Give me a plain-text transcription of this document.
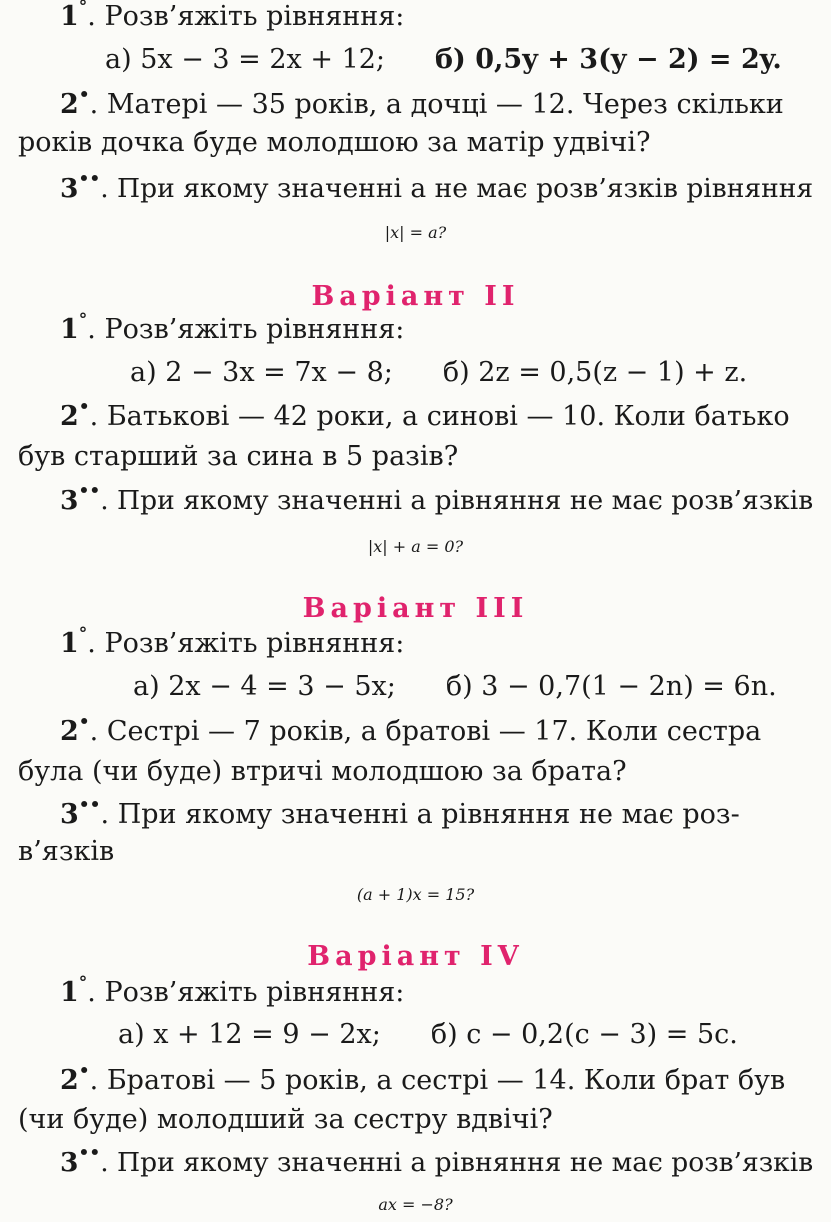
1°. Розв’яжіть рівняння:
а) 5x − 3 = 2x + 12; б) 0,5y + 3(y − 2) = 2y.
2•. Матері — 35 років, а дочці — 12. Через скільки
років дочка буде молодшою за матір удвічі?
3••. При якому значенні a не має розв’язків рівняння
|x| = a?
Варіант II
1°. Розв’яжіть рівняння:
а) 2 − 3x = 7x − 8; б) 2z = 0,5(z − 1) + z.
2•. Батькові — 42 роки, а синові — 10. Коли батько
був старший за сина в 5 разів?
3••. При якому значенні a рівняння не має розв’язків
|x| + a = 0?
Варіант III
1°. Розв’яжіть рівняння:
а) 2x − 4 = 3 − 5x; б) 3 − 0,7(1 − 2n) = 6n.
2•. Сестрі — 7 років, а братові — 17. Коли сестра
була (чи буде) втричі молодшою за брата?
3••. При якому значенні a рівняння не має роз-
в’язків
(a + 1)x = 15?
Варіант IV
1°. Розв’яжіть рівняння:
а) x + 12 = 9 − 2x; б) c − 0,2(c − 3) = 5c.
2•. Братові — 5 років, а сестрі — 14. Коли брат був
(чи буде) молодший за сестру вдвічі?
3••. При якому значенні a рівняння не має розв’язків
ax = −8?
